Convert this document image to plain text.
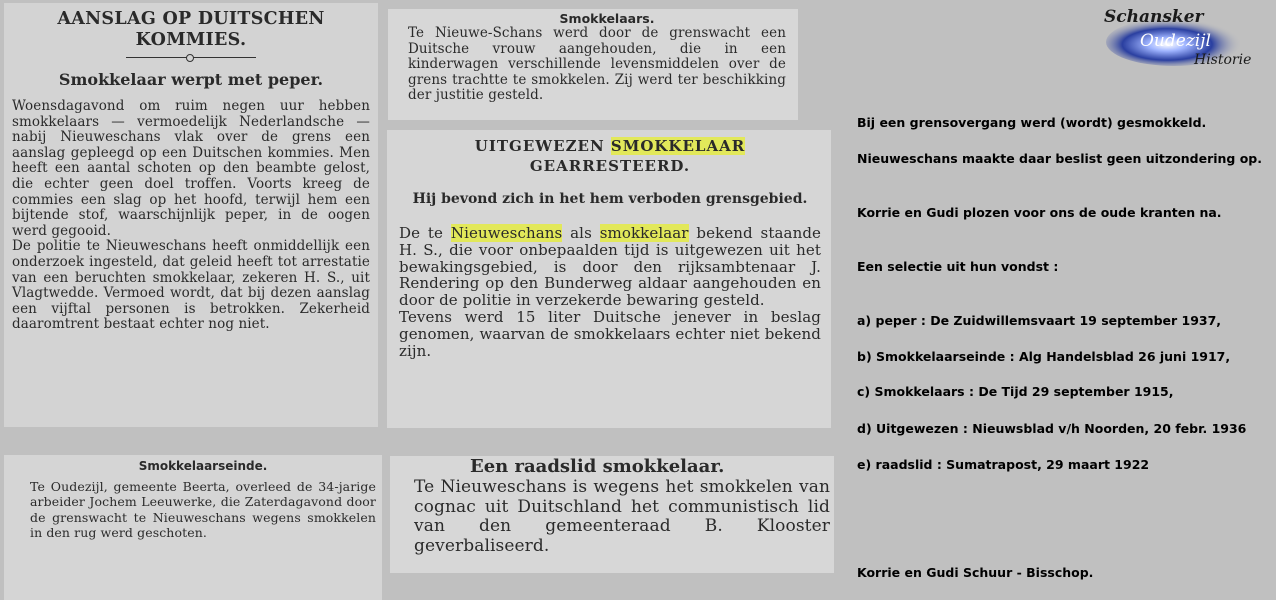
AANSLAG OP DUITSCHEN KOMMIES.

Smokkelaar werpt met peper.

Woensdagavond om ruim negen uur hebben smokkelaars — vermoedelijk Nederlandsche — nabij Nieuweschans vlak over de grens een aanslag gepleegd op een Duitschen kommies. Men heeft een aantal schoten op den beambte gelost, die echter geen doel troffen. Voorts kreeg de commies een slag op het hoofd, terwijl hem een bijtende stof, waarschijnlijk peper, in de oogen werd gegooid.

De politie te Nieuweschans heeft onmiddellijk een onderzoek ingesteld, dat geleid heeft tot arrestatie van een beruchten smokkelaar, zekeren H. S., uit Vlagtwedde. Vermoed wordt, dat bij dezen aanslag een vijftal personen is betrokken. Zekerheid daaromtrent bestaat echter nog niet.

Smokkelaars.

Te Nieuwe-Schans werd door de grenswacht een Duitsche vrouw aangehouden, die in een kinderwagen verschillende levensmiddelen over de grens trachtte te smokkelen. Zij werd ter beschikking der justitie gesteld.

UITGEWEZEN SMOKKELAAR
GEARRESTEERD.

Hij bevond zich in het hem verboden grensgebied.

De te Nieuweschans als smokkelaar bekend staande H. S., die voor onbepaalden tijd is uitgewezen uit het bewakingsgebied, is door den rijksambtenaar J. Rendering op den Bunderweg aldaar aangehouden en door de politie in verzekerde bewaring gesteld.

Tevens werd 15 liter Duitsche jenever in beslag genomen, waarvan de smokkelaars echter niet bekend zijn.

Smokkelaarseinde.

Te Oudezijl, gemeente Beerta, overleed de 34-jarige arbeider Jochem Leeuwerke, die Zaterdagavond door de grenswacht te Nieuweschans wegens smokkelen in den rug werd geschoten.

Een raadslid smokkelaar.

Te Nieuweschans is wegens het smokkelen van cognac uit Duitschland het communistisch lid van den gemeenteraad B. Klooster geverbaliseerd.

Schansker
Oudezijl
Historie
Bij een grensovergang werd (wordt) gesmokkeld.
Nieuweschans maakte daar beslist geen uitzondering op.
Korrie en Gudi plozen voor ons de oude kranten na.
Een selectie uit hun vondst :
a) peper : De Zuidwillemsvaart 19 september 1937,
b) Smokkelaarseinde : Alg Handelsblad 26 juni 1917,
c) Smokkelaars : De Tijd 29 september 1915,
d) Uitgewezen : Nieuwsblad v/h Noorden, 20 febr. 1936
e) raadslid : Sumatrapost, 29 maart 1922
Korrie en Gudi Schuur - Bisschop.
